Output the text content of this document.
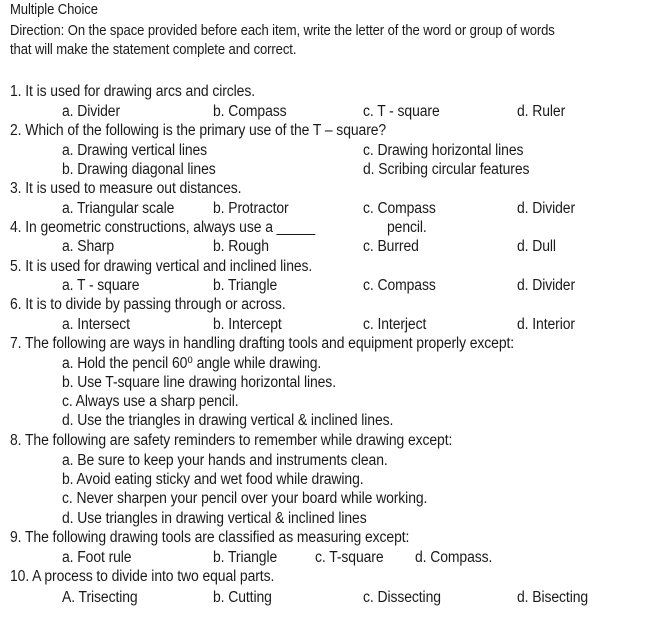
Multiple Choice
Direction: On the space provided before each item, write the letter of the word or group of words
that will make the statement complete and correct.
1. It is used for drawing arcs and circles.
a. Divider	b. Compass	c. T - square	d. Ruler
2. Which of the following is the primary use of the T – square?
a. Drawing vertical lines	c. Drawing horizontal lines
b. Drawing diagonal lines	d. Scribing circular features
3. It is used to measure out distances.
a. Triangular scale b. Protractor	c. Compass	d. Divider
4. In geometric constructions, always use a _____	pencil.
a. Sharp	b. Rough	c. Burred	d. Dull
5. It is used for drawing vertical and inclined lines.
a. T - square	b. Triangle	c. Compass	d. Divider
6. It is to divide by passing through or across.
a. Intersect	b. Intercept	c. Interject	d. Interior
7. The following are ways in handling drafting tools and equipment properly except:
a. Hold the pencil 60⁰ angle while drawing.
b. Use T-square line drawing horizontal lines.
c. Always use a sharp pencil.
d. Use the triangles in drawing vertical & inclined lines.
8. The following are safety reminders to remember while drawing except:
a. Be sure to keep your hands and instruments clean.
b. Avoid eating sticky and wet food while drawing.
c. Never sharpen your pencil over your board while working.
d. Use triangles in drawing vertical & inclined lines
9. The following drawing tools are classified as measuring except:
a. Foot rule	b. Triangle c. T-square d. Compass.
10. A process to divide into two equal parts.
A. Trisecting	b. Cutting	c. Dissecting	d. Bisecting
